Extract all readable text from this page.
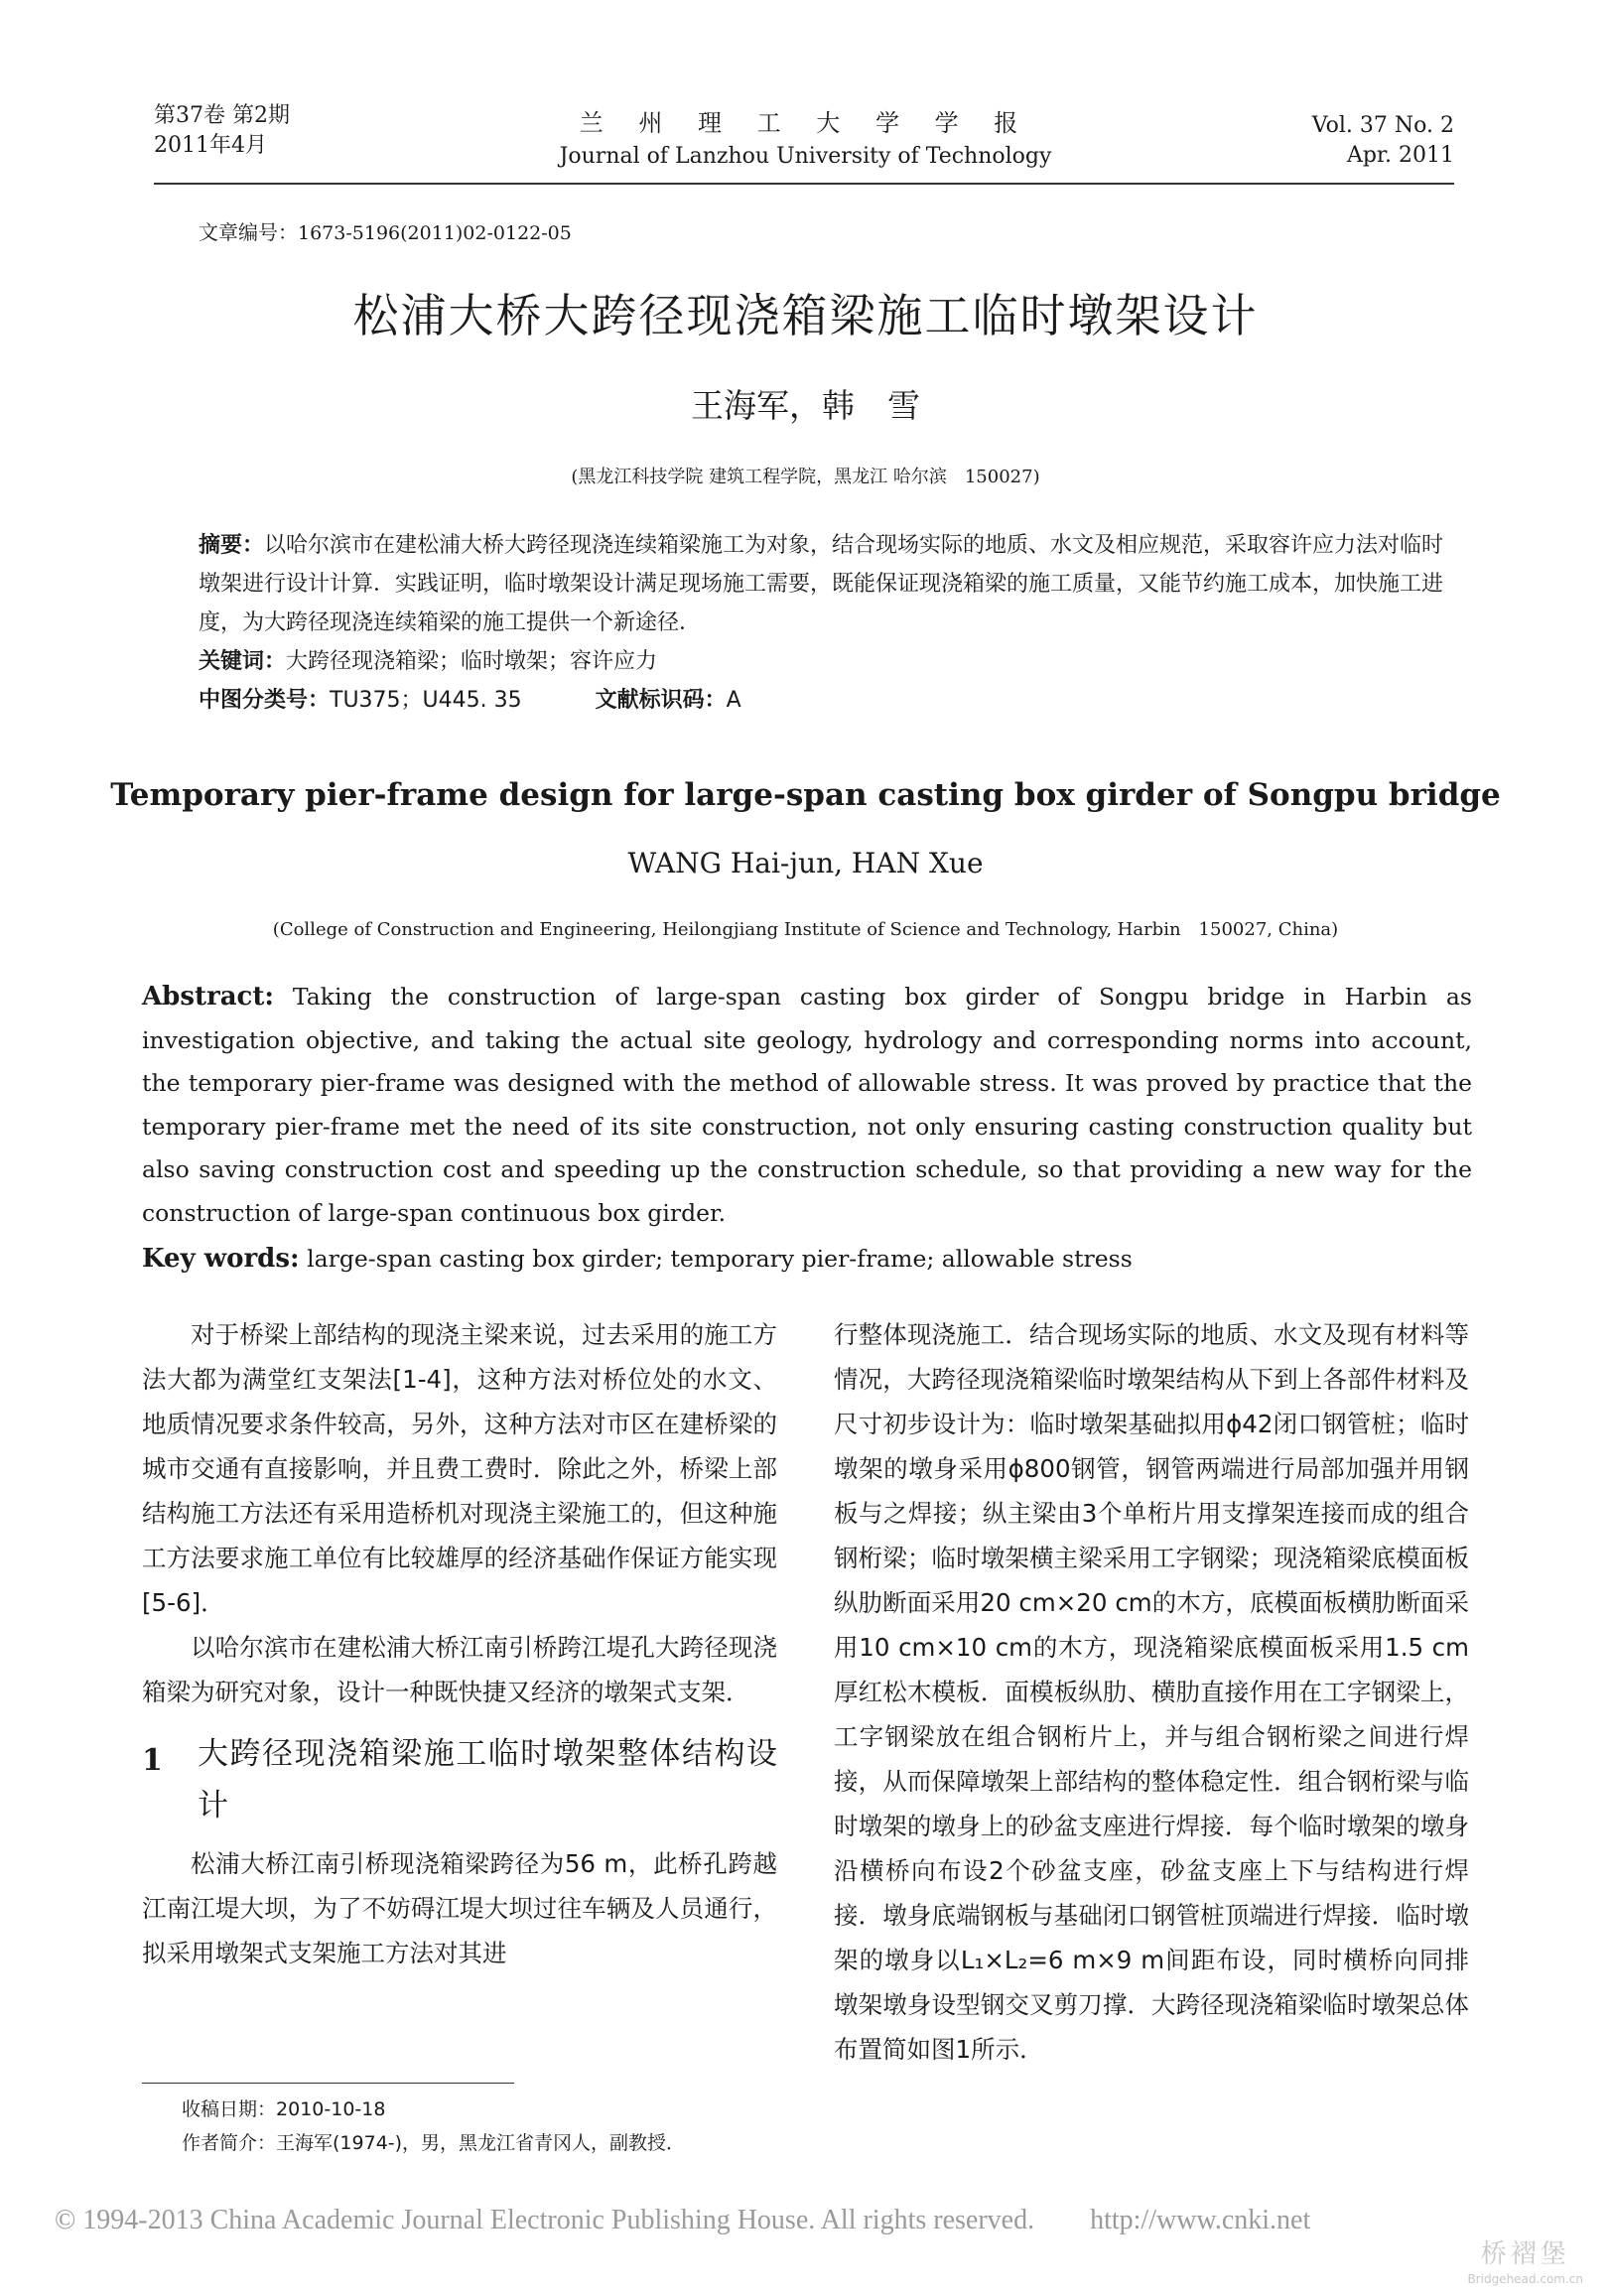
第37卷 第2期
2011年4月
兰 州 理 工 大 学 学 报
Journal of Lanzhou University of Technology
Vol. 37 No. 2
Apr. 2011
文章编号：1673-5196(2011)02-0122-05
松浦大桥大跨径现浇箱梁施工临时墩架设计
王海军，韩　雪
(黑龙江科技学院 建筑工程学院，黑龙江 哈尔滨　150027)
摘要：以哈尔滨市在建松浦大桥大跨径现浇连续箱梁施工为对象，结合现场实际的地质、水文及相应规范，采取容许应力法对临时墩架进行设计计算．实践证明，临时墩架设计满足现场施工需要，既能保证现浇箱梁的施工质量，又能节约施工成本，加快施工进度，为大跨径现浇连续箱梁的施工提供一个新途径．
关键词：大跨径现浇箱梁；临时墩架；容许应力
中图分类号：TU375；U445. 35	文献标识码：A
Temporary pier-frame design for large-span casting box girder of Songpu bridge
WANG Hai-jun, HAN Xue
(College of Construction and Engineering, Heilongjiang Institute of Science and Technology, Harbin　150027, China)
Abstract: Taking the construction of large-span casting box girder of Songpu bridge in Harbin as investigation objective, and taking the actual site geology, hydrology and corresponding norms into account, the temporary pier-frame was designed with the method of allowable stress. It was proved by practice that the temporary pier-frame met the need of its site construction, not only ensuring casting construction quality but also saving construction cost and speeding up the construction schedule, so that providing a new way for the construction of large-span continuous box girder.
Key words: large-span casting box girder; temporary pier-frame; allowable stress

对于桥梁上部结构的现浇主梁来说，过去采用的施工方法大都为满堂红支架法[1-4]，这种方法对桥位处的水文、地质情况要求条件较高，另外，这种方法对市区在建桥梁的城市交通有直接影响，并且费工费时．除此之外，桥梁上部结构施工方法还有采用造桥机对现浇主梁施工的，但这种施工方法要求施工单位有比较雄厚的经济基础作保证方能实现[5-6]．

以哈尔滨市在建松浦大桥江南引桥跨江堤孔大跨径现浇箱梁为研究对象，设计一种既快捷又经济的墩架式支架．

1	大跨径现浇箱梁施工临时墩架整体结构设计

松浦大桥江南引桥现浇箱梁跨径为56 m，此桥孔跨越江南江堤大坝，为了不妨碍江堤大坝过往车辆及人员通行，拟采用墩架式支架施工方法对其进

行整体现浇施工．结合现场实际的地质、水文及现有材料等情况，大跨径现浇箱梁临时墩架结构从下到上各部件材料及尺寸初步设计为：临时墩架基础拟用ϕ42闭口钢管桩；临时墩架的墩身采用ϕ800钢管，钢管两端进行局部加强并用钢板与之焊接；纵主梁由3个单桁片用支撑架连接而成的组合钢桁梁；临时墩架横主梁采用工字钢梁；现浇箱梁底模面板纵肋断面采用20 cm×20 cm的木方，底模面板横肋断面采用10 cm×10 cm的木方，现浇箱梁底模面板采用1.5 cm厚红松木模板．面模板纵肋、横肋直接作用在工字钢梁上，工字钢梁放在组合钢桁片上，并与组合钢桁梁之间进行焊接，从而保障墩架上部结构的整体稳定性．组合钢桁梁与临时墩架的墩身上的砂盆支座进行焊接．每个临时墩架的墩身沿横桥向布设2个砂盆支座，砂盆支座上下与结构进行焊接．墩身底端钢板与基础闭口钢管桩顶端进行焊接．临时墩架的墩身以L₁×L₂=6 m×9 m间距布设，同时横桥向同排墩架墩身设型钢交叉剪刀撑．大跨径现浇箱梁临时墩架总体布置简如图1所示．

收稿日期：2010-10-18
作者简介：王海军(1974-)，男，黑龙江省青冈人，副教授．
© 1994-2013 China Academic Journal Electronic Publishing House. All rights reserved.　　http://www.cnki.net
桥褶堡
Bridgehead.com.cn
